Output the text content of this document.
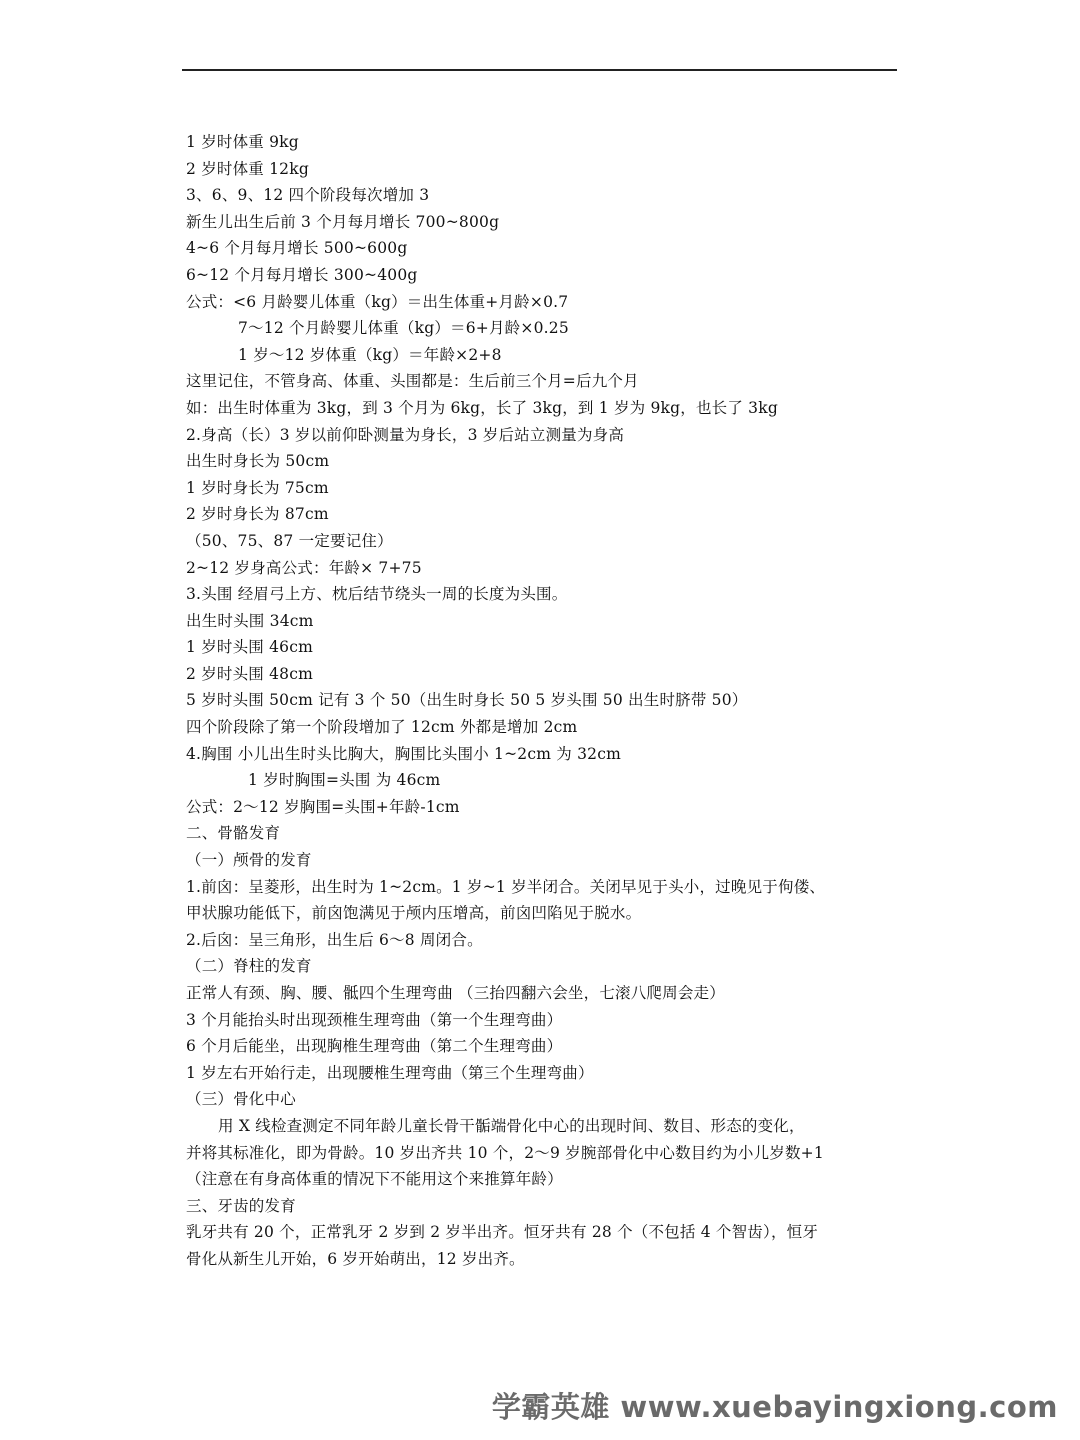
1 岁时体重 9kg
2 岁时体重 12kg
3、6、9、12 四个阶段每次增加 3
新生儿出生后前 3 个月每月增长 700~800g
4~6 个月每月增长 500~600g
6~12 个月每月增长 300~400g
公式：<6 月龄婴儿体重（kg）＝出生体重+月龄×0.7
7～12 个月龄婴儿体重（kg）＝6+月龄×0.25
1 岁～12 岁体重（kg）＝年龄×2+8
这里记住，不管身高、体重、头围都是：生后前三个月=后九个月
如：出生时体重为 3kg，到 3 个月为 6kg，长了 3kg，到 1 岁为 9kg，也长了 3kg
2.身高（长）3 岁以前仰卧测量为身长，3 岁后站立测量为身高
出生时身长为 50cm
1 岁时身长为 75cm
2 岁时身长为 87cm
（50、75、87 一定要记住）
2~12 岁身高公式：年龄× 7+75
3.头围 经眉弓上方、枕后结节绕头一周的长度为头围。
出生时头围 34cm
1 岁时头围 46cm
2 岁时头围 48cm
5 岁时头围 50cm 记有 3 个 50（出生时身长 50 5 岁头围 50 出生时脐带 50）
四个阶段除了第一个阶段增加了 12cm 外都是增加 2cm
4.胸围 小儿出生时头比胸大，胸围比头围小 1~2cm 为 32cm
1 岁时胸围=头围 为 46cm
公式：2～12 岁胸围=头围+年龄-1cm
二、骨骼发育
（一）颅骨的发育
1.前囟：呈菱形，出生时为 1~2cm。1 岁~1 岁半闭合。关闭早见于头小，过晚见于佝偻、
甲状腺功能低下，前囟饱满见于颅内压增高，前囟凹陷见于脱水。
2.后囟：呈三角形，出生后 6～8 周闭合。
（二）脊柱的发育
正常人有颈、胸、腰、骶四个生理弯曲 （三抬四翻六会坐，七滚八爬周会走）
3 个月能抬头时出现颈椎生理弯曲（第一个生理弯曲）
6 个月后能坐，出现胸椎生理弯曲（第二个生理弯曲）
1 岁左右开始行走，出现腰椎生理弯曲（第三个生理弯曲）
（三）骨化中心
用 X 线检查测定不同年龄儿童长骨干骺端骨化中心的出现时间、数目、形态的变化，
并将其标准化，即为骨龄。10 岁出齐共 10 个，2～9 岁腕部骨化中心数目约为小儿岁数+1
（注意在有身高体重的情况下不能用这个来推算年龄）
三、牙齿的发育
乳牙共有 20 个，正常乳牙 2 岁到 2 岁半出齐。恒牙共有 28 个（不包括 4 个智齿），恒牙
骨化从新生儿开始，6 岁开始萌出，12 岁出齐。
学霸英雄 www.xuebayingxiong.com
